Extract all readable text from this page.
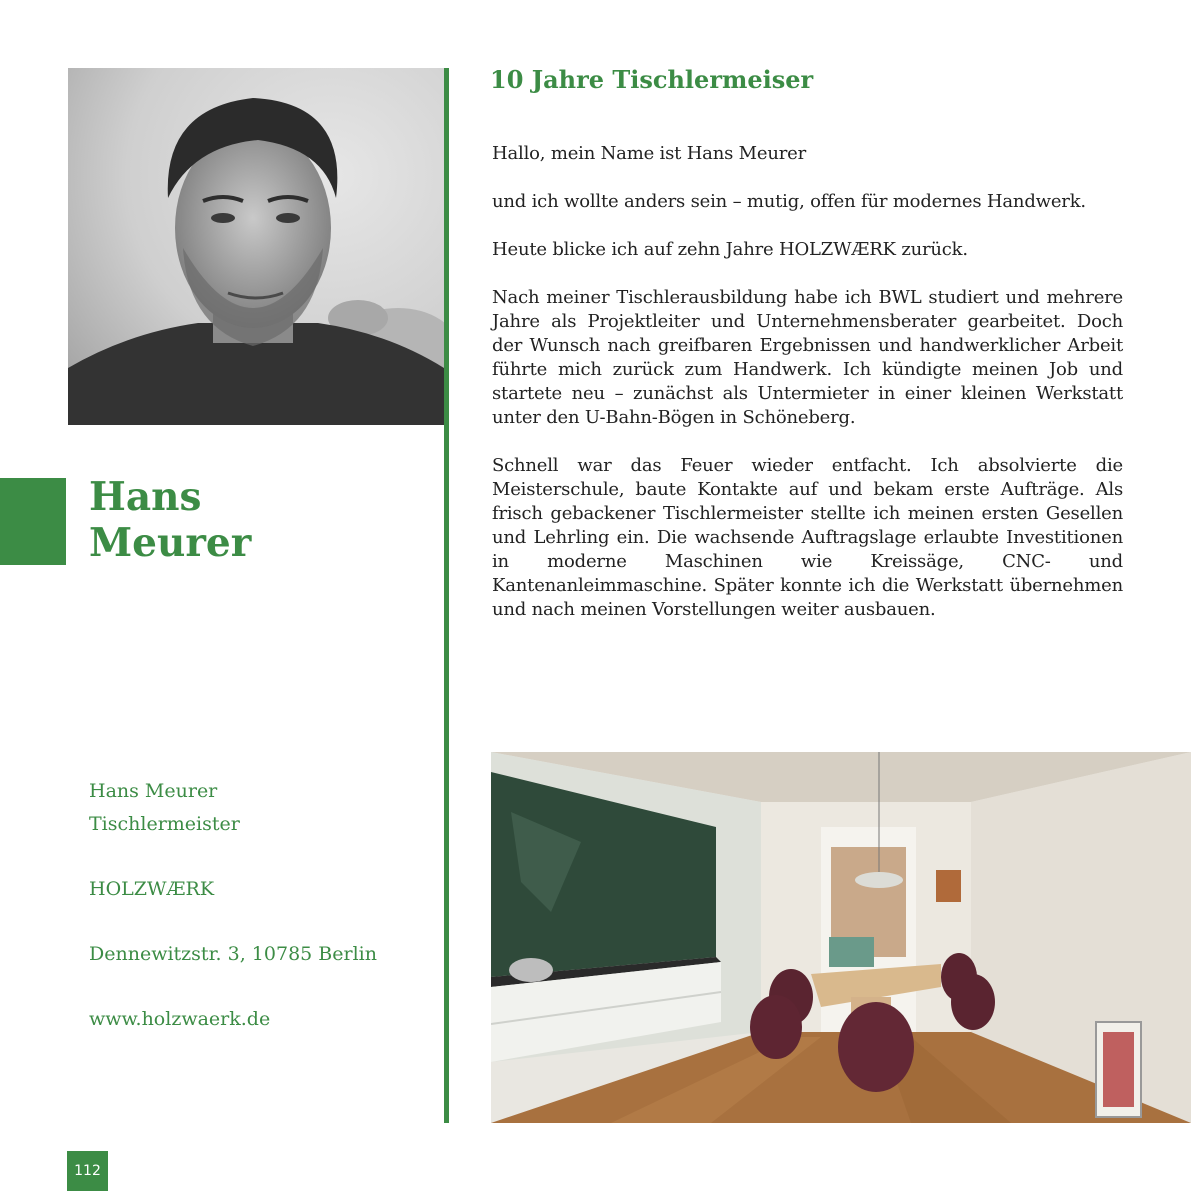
Hans
Meurer
Hans Meurer
Tischlermeister
HOLZWÆRK
Dennewitzstr. 3, 10785 Berlin
www.holzwaerk.de
112
10 Jahre Tischlermeiser

Hallo, mein Name ist Hans Meurer

und ich wollte anders sein – mutig, offen für modernes Handwerk.

Heute blicke ich auf zehn Jahre HOLZWÆRK zurück.

Nach meiner Tischlerausbildung habe ich BWL studiert und mehrere Jahre als Projektleiter und Unternehmensberater gearbeitet. Doch der Wunsch nach greifbaren Ergebnissen und handwerklicher Arbeit führte mich zurück zum Handwerk. Ich kündigte meinen Job und startete neu – zunächst als Untermieter in einer kleinen Werkstatt unter den U-Bahn-Bögen in Schöneberg.

Schnell war das Feuer wieder entfacht. Ich absolvierte die Meisterschule, baute Kontakte auf und bekam erste Aufträge. Als frisch gebackener Tischlermeister stellte ich meinen ersten Gesellen und Lehrling ein. Die wachsende Auftragslage erlaubte Investitionen in moderne Maschinen wie Kreissäge, CNC- und Kantenanleimmaschine. Später konnte ich die Werkstatt übernehmen und nach meinen Vorstellungen weiter ausbauen.
